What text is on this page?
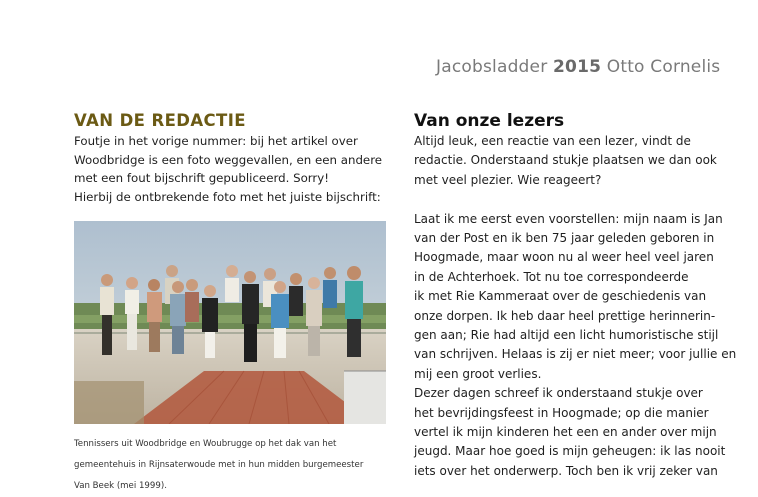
Jacobsladder 2015 Otto Cornelis
VAN DE REDACTIE
Foutje in het vorige nummer: bij het artikel over
Woodbridge is een foto weggevallen, en een andere
met een fout bijschrift gepubliceerd. Sorry!
Hierbij de ontbrekende foto met het juiste bijschrift:
Tennissers uit Woodbridge en Woubrugge op het dak van het
gemeentehuis in Rijnsaterwoude met in hun midden burgemeester
Van Beek (mei 1999).
Van onze lezers
Altijd leuk, een reactie van een lezer, vindt de
redactie. Onderstaand stukje plaatsen we dan ook
met veel plezier. Wie reageert?
Laat ik me eerst even voorstellen: mijn naam is Jan
van der Post en ik ben 75 jaar geleden geboren in
Hoogmade, maar woon nu al weer heel veel jaren
in de Achterhoek. Tot nu toe correspondeerde
ik met Rie Kammeraat over de geschiedenis van
onze dorpen. Ik heb daar heel prettige herinnerin-
gen aan; Rie had altijd een licht humoristische stijl
van schrijven. Helaas is zij er niet meer; voor jullie en
mij een groot verlies.
Dezer dagen schreef ik onderstaand stukje over
het bevrijdingsfeest in Hoogmade; op die manier
vertel ik mijn kinderen het een en ander over mijn
jeugd. Maar hoe goed is mijn geheugen: ik las nooit
iets over het onderwerp. Toch ben ik vrij zeker van
